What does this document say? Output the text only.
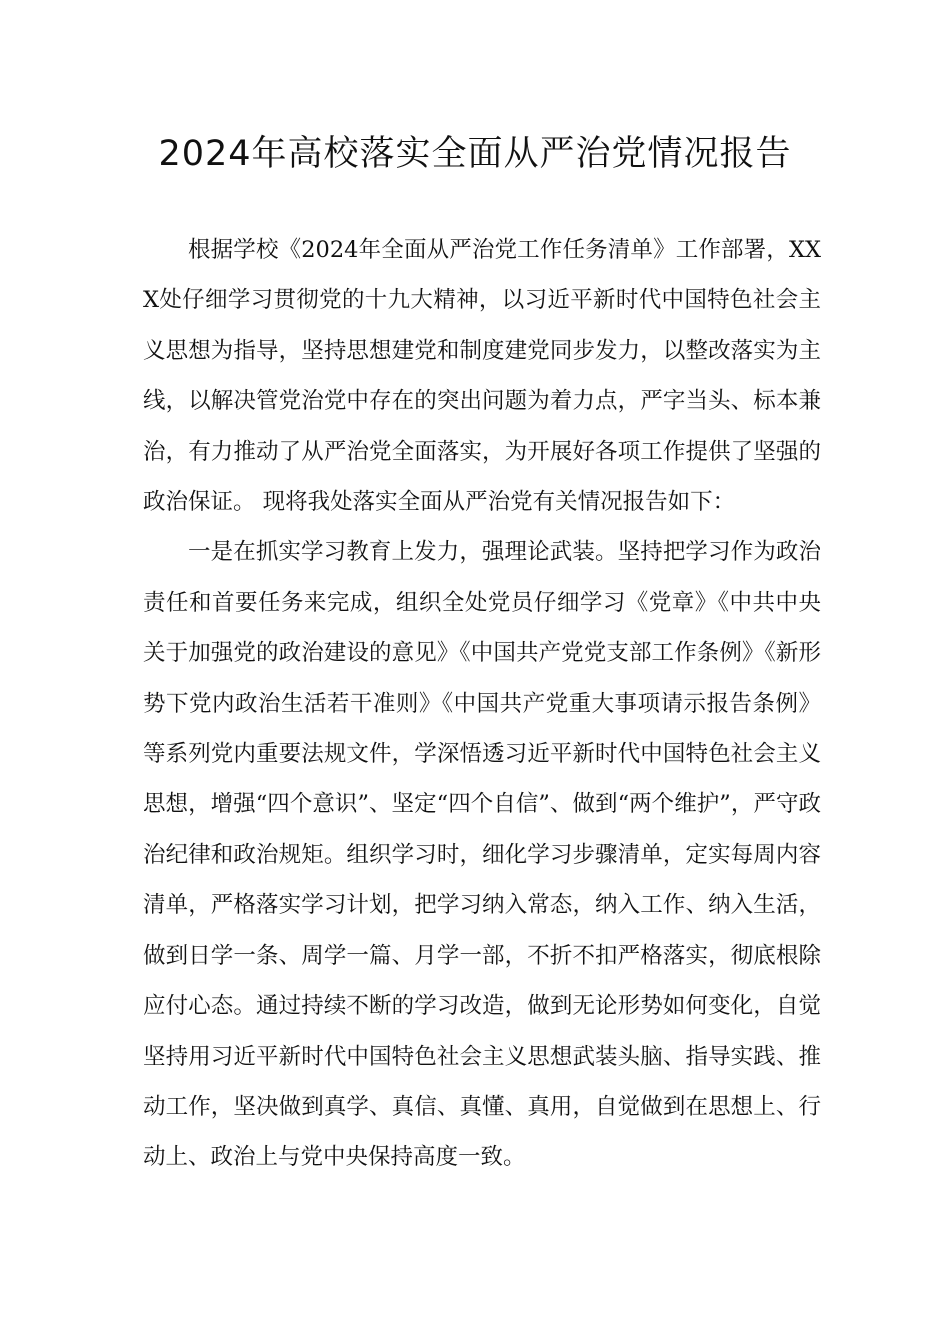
2024年高校落实全面从严治党情况报告

根据学校《2024年全面从严治党工作任务清单》工作部署，XXX处仔细学习贯彻党的十九大精神，以习近平新时代中国特色社会主义思想为指导，坚持思想建党和制度建党同步发力，以整改落实为主线，以解决管党治党中存在的突出问题为着力点，严字当头、标本兼治，有力推动了从严治党全面落实，为开展好各项工作提供了坚强的政治保证。 现将我处落实全面从严治党有关情况报告如下：

一是在抓实学习教育上发力，强理论武装。坚持把学习作为政治责任和首要任务来完成，组织全处党员仔细学习《党章》《中共中央关于加强党的政治建设的意见》《中国共产党党支部工作条例》《新形势下党内政治生活若干准则》《中国共产党重大事项请示报告条例》等系列党内重要法规文件，学深悟透习近平新时代中国特色社会主义思想，增强“四个意识”、坚定“四个自信”、做到“两个维护”，严守政治纪律和政治规矩。组织学习时，细化学习步骤清单，定实每周内容清单，严格落实学习计划，把学习纳入常态，纳入工作、纳入生活，做到日学一条、周学一篇、月学一部，不折不扣严格落实，彻底根除应付心态。通过持续不断的学习改造，做到无论形势如何变化，自觉坚持用习近平新时代中国特色社会主义思想武装头脑、指导实践、推动工作，坚决做到真学、真信、真懂、真用，自觉做到在思想上、行动上、政治上与党中央保持高度一致。
